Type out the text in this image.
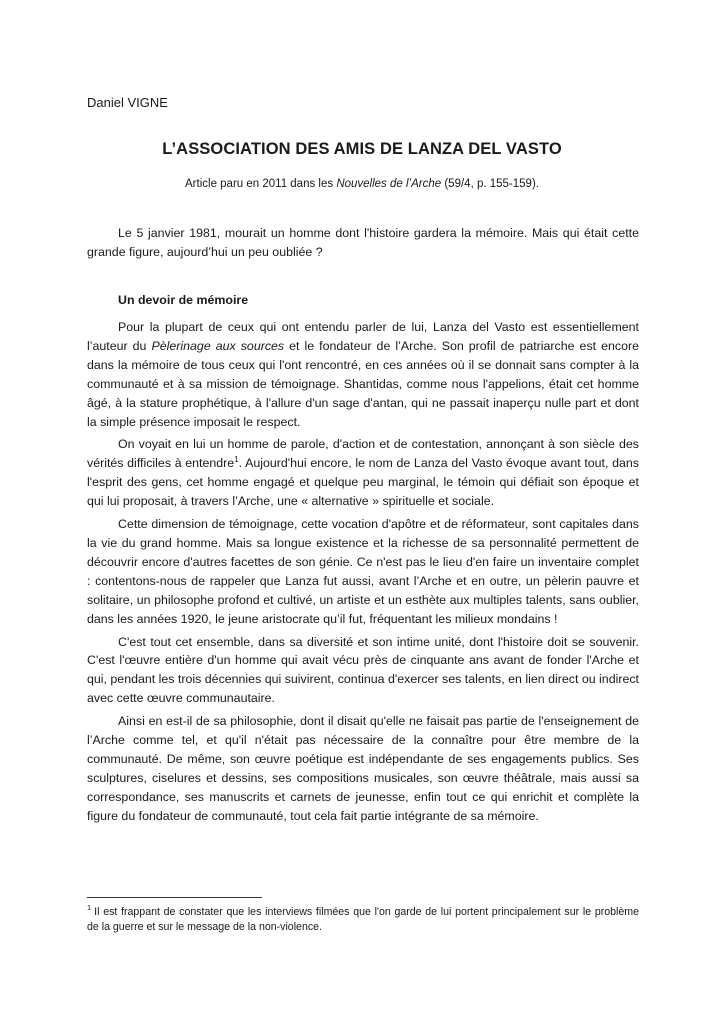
Daniel VIGNE
L’ASSOCIATION DES AMIS DE LANZA DEL VASTO
Article paru en 2011 dans les Nouvelles de l’Arche (59/4, p. 155-159).

Le 5 janvier 1981, mourait un homme dont l'histoire gardera la mémoire. Mais qui était cette grande figure, aujourd’hui un peu oubliée ?

Un devoir de mémoire

Pour la plupart de ceux qui ont entendu parler de lui, Lanza del Vasto est essentiellement l’auteur du Pèlerinage aux sources et le fondateur de l’Arche. Son profil de patriarche est encore dans la mémoire de tous ceux qui l'ont rencontré, en ces années où il se donnait sans compter à la communauté et à sa mission de témoignage. Shantidas, comme nous l'appelions, était cet homme âgé, à la stature prophétique, à l'allure d'un sage d'antan, qui ne passait inaperçu nulle part et dont la simple présence imposait le respect.

On voyait en lui un homme de parole, d'action et de contestation, annonçant à son siècle des vérités difficiles à entendre$^1$. Aujourd'hui encore, le nom de Lanza del Vasto évoque avant tout, dans l'esprit des gens, cet homme engagé et quelque peu marginal, le témoin qui défiait son époque et qui lui proposait, à travers l’Arche, une « alternative » spirituelle et sociale.

Cette dimension de témoignage, cette vocation d'apôtre et de réformateur, sont capitales dans la vie du grand homme. Mais sa longue existence et la richesse de sa personnalité permettent de découvrir encore d'autres facettes de son génie. Ce n'est pas le lieu d'en faire un inventaire complet : contentons-nous de rappeler que Lanza fut aussi, avant l’Arche et en outre, un pèlerin pauvre et solitaire, un philosophe profond et cultivé, un artiste et un esthète aux multiples talents, sans oublier, dans les années 1920, le jeune aristocrate qu’il fut, fréquentant les milieux mondains !

C'est tout cet ensemble, dans sa diversité et son intime unité, dont l'histoire doit se souvenir. C'est l'œuvre entière d'un homme qui avait vécu près de cinquante ans avant de fonder l'Arche et qui, pendant les trois décennies qui suivirent, continua d'exercer ses talents, en lien direct ou indirect avec cette œuvre communautaire.

Ainsi en est-il de sa philosophie, dont il disait qu'elle ne faisait pas partie de l'enseignement de l’Arche comme tel, et qu'il n'était pas nécessaire de la connaître pour être membre de la communauté. De même, son œuvre poétique est indépendante de ses engagements publics. Ses sculptures, ciselures et dessins, ses compositions musicales, son œuvre théâtrale, mais aussi sa correspondance, ses manuscrits et carnets de jeunesse, enfin tout ce qui enrichit et complète la figure du fondateur de communauté, tout cela fait partie intégrante de sa mémoire.

$^1$ Il est frappant de constater que les interviews filmées que l'on garde de lui portent principalement sur le problème de la guerre et sur le message de la non-violence.
